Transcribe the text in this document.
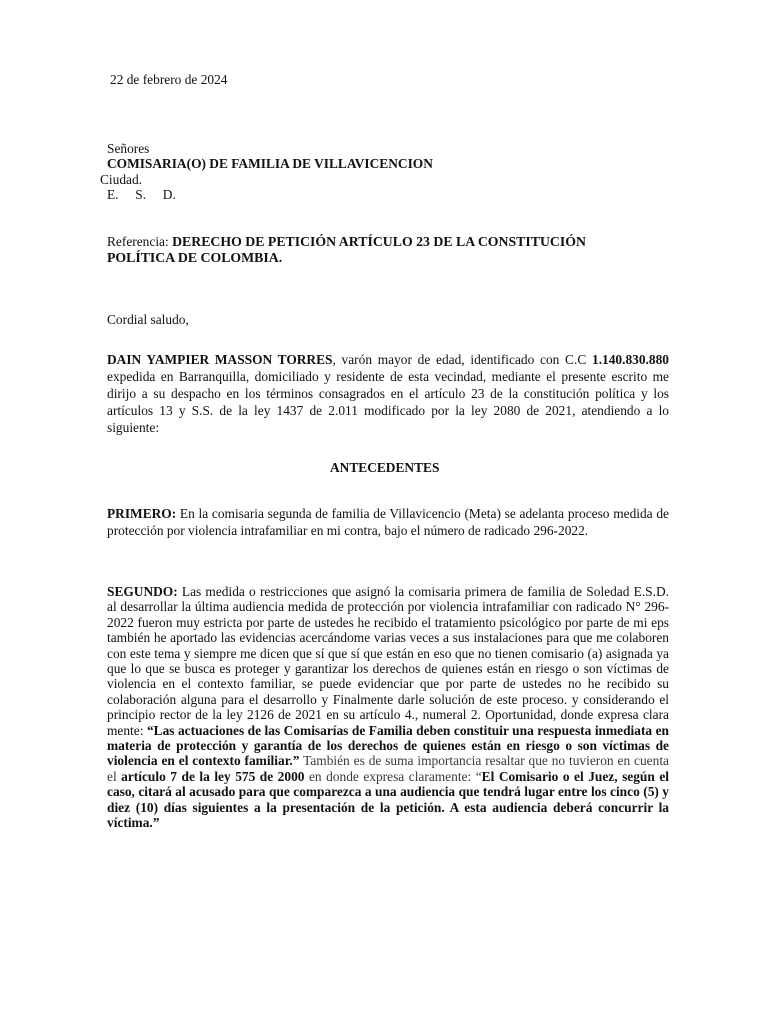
22 de febrero de 2024
Señores
COMISARIA(O) DE FAMILIA DE VILLAVICENCION
Ciudad.
E.     S.     D.
Referencia: DERECHO DE PETICIÓN ARTÍCULO 23 DE LA CONSTITUCIÓN
POLÍTICA DE COLOMBIA.
Cordial saludo,

DAIN YAMPIER MASSON TORRES, varón mayor de edad, identificado con C.C 1.140.830.880 expedida en Barranquilla, domiciliado y residente de esta vecindad, mediante el presente escrito me dirijo a su despacho en los términos consagrados en el artículo 23 de la constitución política y los artículos 13 y S.S. de la ley 1437 de 2.011 modificado por la ley 2080 de 2021, atendiendo a lo siguiente:

ANTECEDENTES

PRIMERO: En la comisaria segunda de familia de Villavicencio (Meta) se adelanta proceso medida de protección por violencia intrafamiliar en mi contra, bajo el número de radicado 296-2022.

SEGUNDO: Las medida o restricciones que asignó la comisaria primera de familia de Soledad E.S.D. al desarrollar la última audiencia medida de protección por violencia intrafamiliar con radicado N° 296-2022 fueron muy estricta por parte de ustedes he recibido el tratamiento psicológico por parte de mi eps también he aportado las evidencias acercándome varias veces a sus instalaciones para que me colaboren con este tema y siempre me dicen que sí que sí que están en eso que no tienen comisario (a) asignada ya que lo que se busca es proteger y garantizar los derechos de quienes están en riesgo o son víctimas de violencia en el contexto familiar, se puede evidenciar que por parte de ustedes no he recibido su colaboración alguna para el desarrollo y Finalmente darle solución de este proceso. y considerando el principio rector de la ley 2126 de 2021 en su artículo 4., numeral 2. Oportunidad, donde expresa clara mente: “Las actuaciones de las Comisarías de Familia deben constituir una respuesta inmediata en materia de protección y garantía de los derechos de quienes están en riesgo o son víctimas de violencia en el contexto familiar.” También es de suma importancia resaltar que no tuvieron en cuenta el artículo 7 de la ley 575 de 2000 en donde expresa claramente: “El Comisario o el Juez, según el caso, citará al acusado para que comparezca a una audiencia que tendrá lugar entre los cinco (5) y diez (10) días siguientes a la presentación de la petición. A esta audiencia deberá concurrir la víctima.”
